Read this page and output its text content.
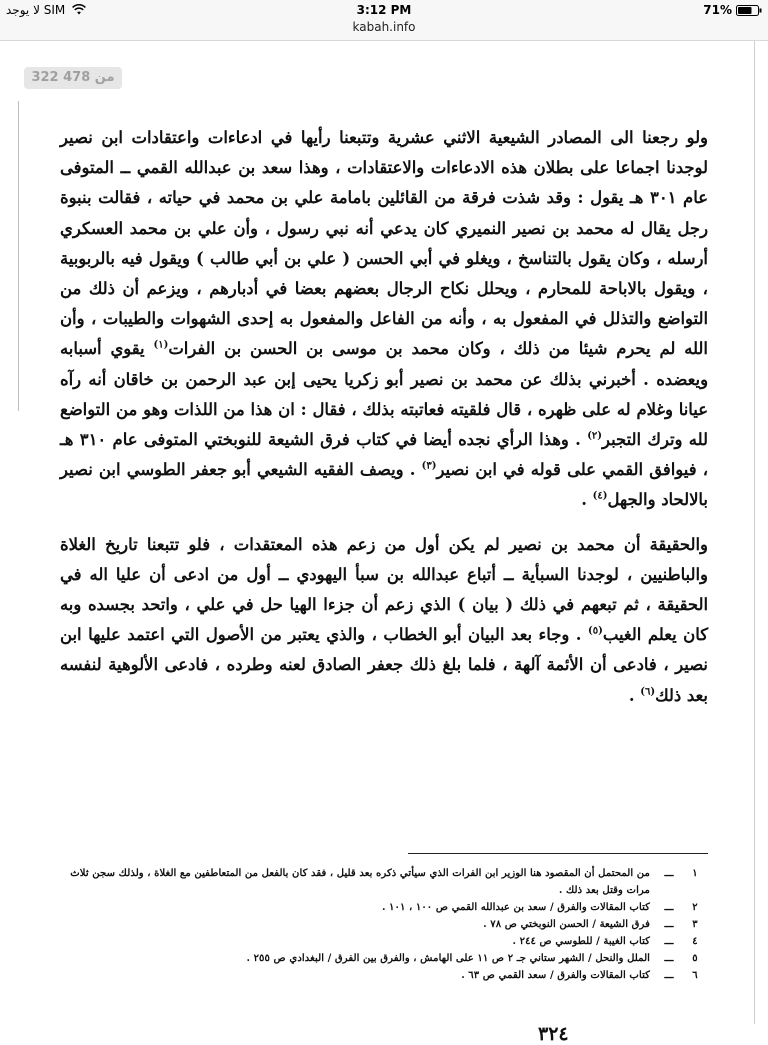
SIM لا يوجد	3:12 PM	71%
kabah.info
322 من 478

ولو رجعنا الى المصادر الشيعية الاثني عشرية وتتبعنا رأيها في ادعاءات واعتقادات ابن نصير لوجدنا اجماعا على بطلان هذه الادعاءات والاعتقادات ، وهذا سعد بن عبدالله القمي ــ المتوفى عام ٣٠١ هـ يقول : وقد شذت فرقة من القائلين بامامة علي بن محمد في حياته ، فقالت بنبوة رجل يقال له محمد بن نصير النميري كان يدعي أنه نبي رسول ، وأن علي بن محمد العسكري أرسله ، وكان يقول بالتناسخ ، ويغلو في أبي الحسن ( علي بن أبي طالب ) ويقول فيه بالربوبية ، ويقول بالاباحة للمحارم ، ويحلل نكاح الرجال بعضهم بعضا في أدبارهم ، ويزعم أن ذلك من التواضع والتذلل في المفعول به ، وأنه من الفاعل والمفعول به إحدى الشهوات والطيبات ، وأن الله لم يحرم شيئا من ذلك ، وكان محمد بن موسى بن الحسن بن الفرات$^{(١)}$ يقوي أسبابه ويعضده . أخبرني بذلك عن محمد بن نصير أبو زكريا يحيى إبن عبد الرحمن بن خاقان أنه رآه عيانا وغلام له على ظهره ، قال فلقيته فعاتبته بذلك ، فقال : ان هذا من اللذات وهو من التواضع لله وترك التجبر$^{(٢)}$ . وهذا الرأي نجده أيضا في كتاب فرق الشيعة للنوبختي المتوفى عام ٣١٠ هـ ، فيوافق القمي على قوله في ابن نصير$^{(٣)}$ . ويصف الفقيه الشيعي أبو جعفر الطوسي ابن نصير بالالحاد والجهل$^{(٤)}$ .

والحقيقة أن محمد بن نصير لم يكن أول من زعم هذه المعتقدات ، فلو تتبعنا تاريخ الغلاة والباطنيين ، لوجدنا السبأية ــ أتباع عبدالله بن سبأ اليهودي ــ أول من ادعى أن عليا اله في الحقيقة ، ثم تبعهم في ذلك ( بيان ) الذي زعم أن جزءا الهيا حل في علي ، واتحد بجسده وبه كان يعلم الغيب$^{(٥)}$ . وجاء بعد البيان أبو الخطاب ، والذي يعتبر من الأصول التي اعتمد عليها ابن نصير ، فادعى أن الأئمة آلهة ، فلما بلغ ذلك جعفر الصادق لعنه وطرده ، فادعى الألوهية لنفسه بعد ذلك$^{(٦)}$ .

١
ـــ
من المحتمل أن المقصود هنا الوزير ابن الفرات الذي سيأتي ذكره بعد قليل ، فقد كان بالفعل من المتعاطفين مع الغلاة ، ولذلك سجن ثلاث مرات وقتل بعد ذلك .
٢
ـــ
كتاب المقالات والفرق / سعد بن عبدالله القمي ص ١٠٠ ، ١٠١ .
٣
ـــ
فرق الشيعة / الحسن النوبختي ص ٧٨ .
٤
ـــ
كتاب الغيبة / للطوسي ص ٢٤٤ .
٥
ـــ
الملل والنحل / الشهر ستاني جـ ٢ ص ١١ على الهامش ، والفرق بين الفرق / البغدادي ص ٢٥٥ .
٦
ـــ
كتاب المقالات والفرق / سعد القمي ص ٦٣ .
٣٢٤
